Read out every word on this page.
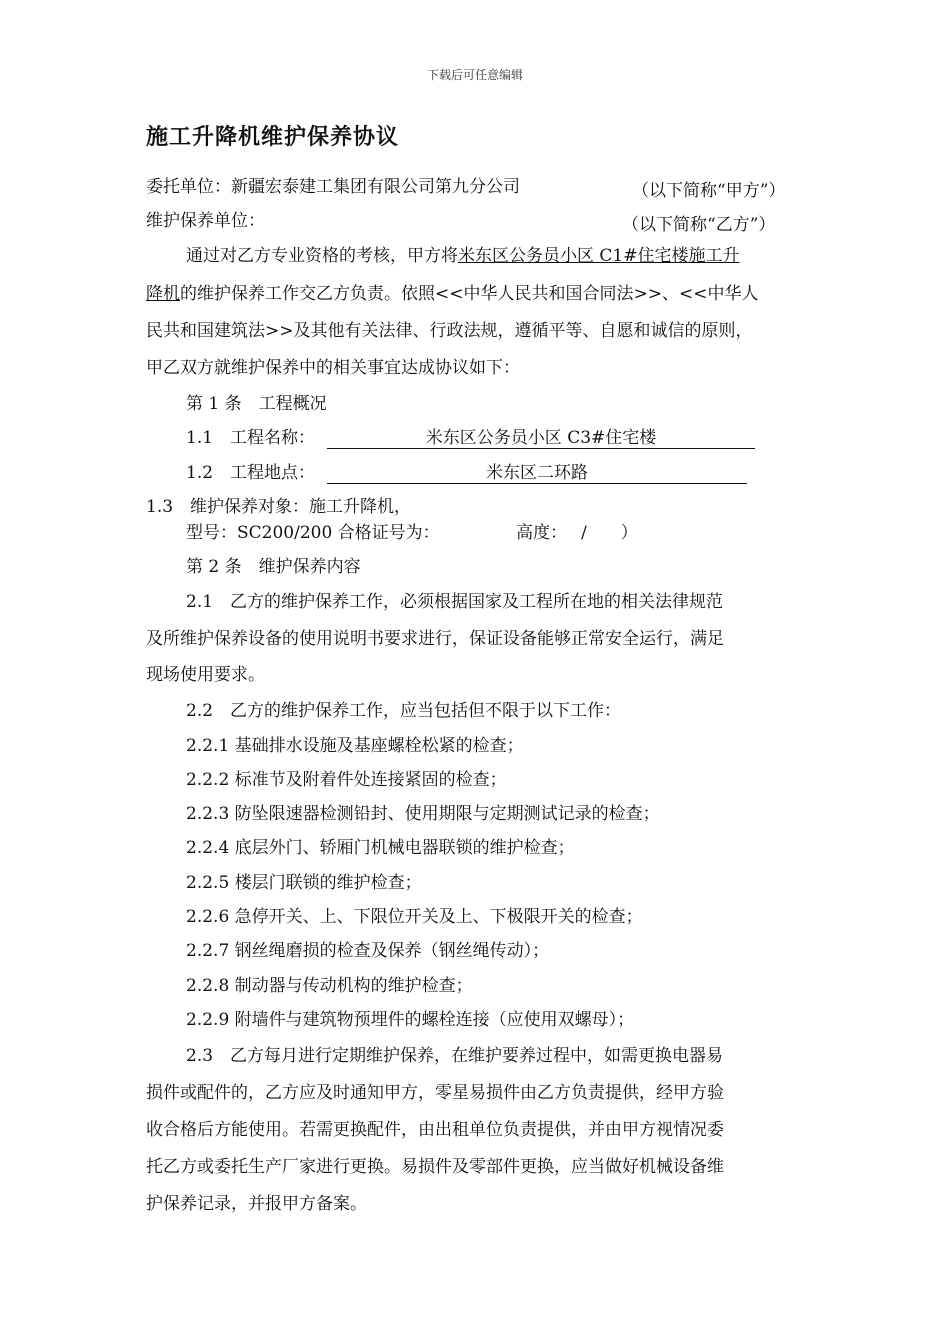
下载后可任意编辑
施工升降机维护保养协议
委托单位：新疆宏泰建工集团有限公司第九分公司	（以下简称“甲方”）
维护保养单位：	（以下简称“乙方”）
通过对乙方专业资格的考核，甲方将米东区公务员小区 C1#住宅楼施工升
降机的维护保养工作交乙方负责。依照<<中华人民共和国合同法>>、<<中华人
民共和国建筑法>>及其他有关法律、行政法规，遵循平等、自愿和诚信的原则，
甲乙双方就维护保养中的相关事宜达成协议如下：
第 1 条　工程概况
1.1　工程名称：	米东区公务员小区 C3#住宅楼
1.2　工程地点：	米东区二环路
1.3　维护保养对象：施工升降机，
型号：SC200/200 合格证号为：　　　　　高度：　 /　　）
第 2 条　维护保养内容
2.1　乙方的维护保养工作，必须根据国家及工程所在地的相关法律规范
及所维护保养设备的使用说明书要求进行，保证设备能够正常安全运行，满足
现场使用要求。
2.2　乙方的维护保养工作，应当包括但不限于以下工作：
2.2.1 基础排水设施及基座螺栓松紧的检查；
2.2.2 标准节及附着件处连接紧固的检查；
2.2.3 防坠限速器检测铅封、使用期限与定期测试记录的检查；
2.2.4 底层外门、轿厢门机械电器联锁的维护检查；
2.2.5 楼层门联锁的维护检查；
2.2.6 急停开关、上、下限位开关及上、下极限开关的检查；
2.2.7 钢丝绳磨损的检查及保养（钢丝绳传动）；
2.2.8 制动器与传动机构的维护检查；
2.2.9 附墙件与建筑物预埋件的螺栓连接（应使用双螺母）；
2.3　乙方每月进行定期维护保养，在维护要养过程中，如需更换电器易
损件或配件的，乙方应及时通知甲方，零星易损件由乙方负责提供，经甲方验
收合格后方能使用。若需更换配件，由出租单位负责提供，并由甲方视情况委
托乙方或委托生产厂家进行更换。易损件及零部件更换，应当做好机械设备维
护保养记录，并报甲方备案。
